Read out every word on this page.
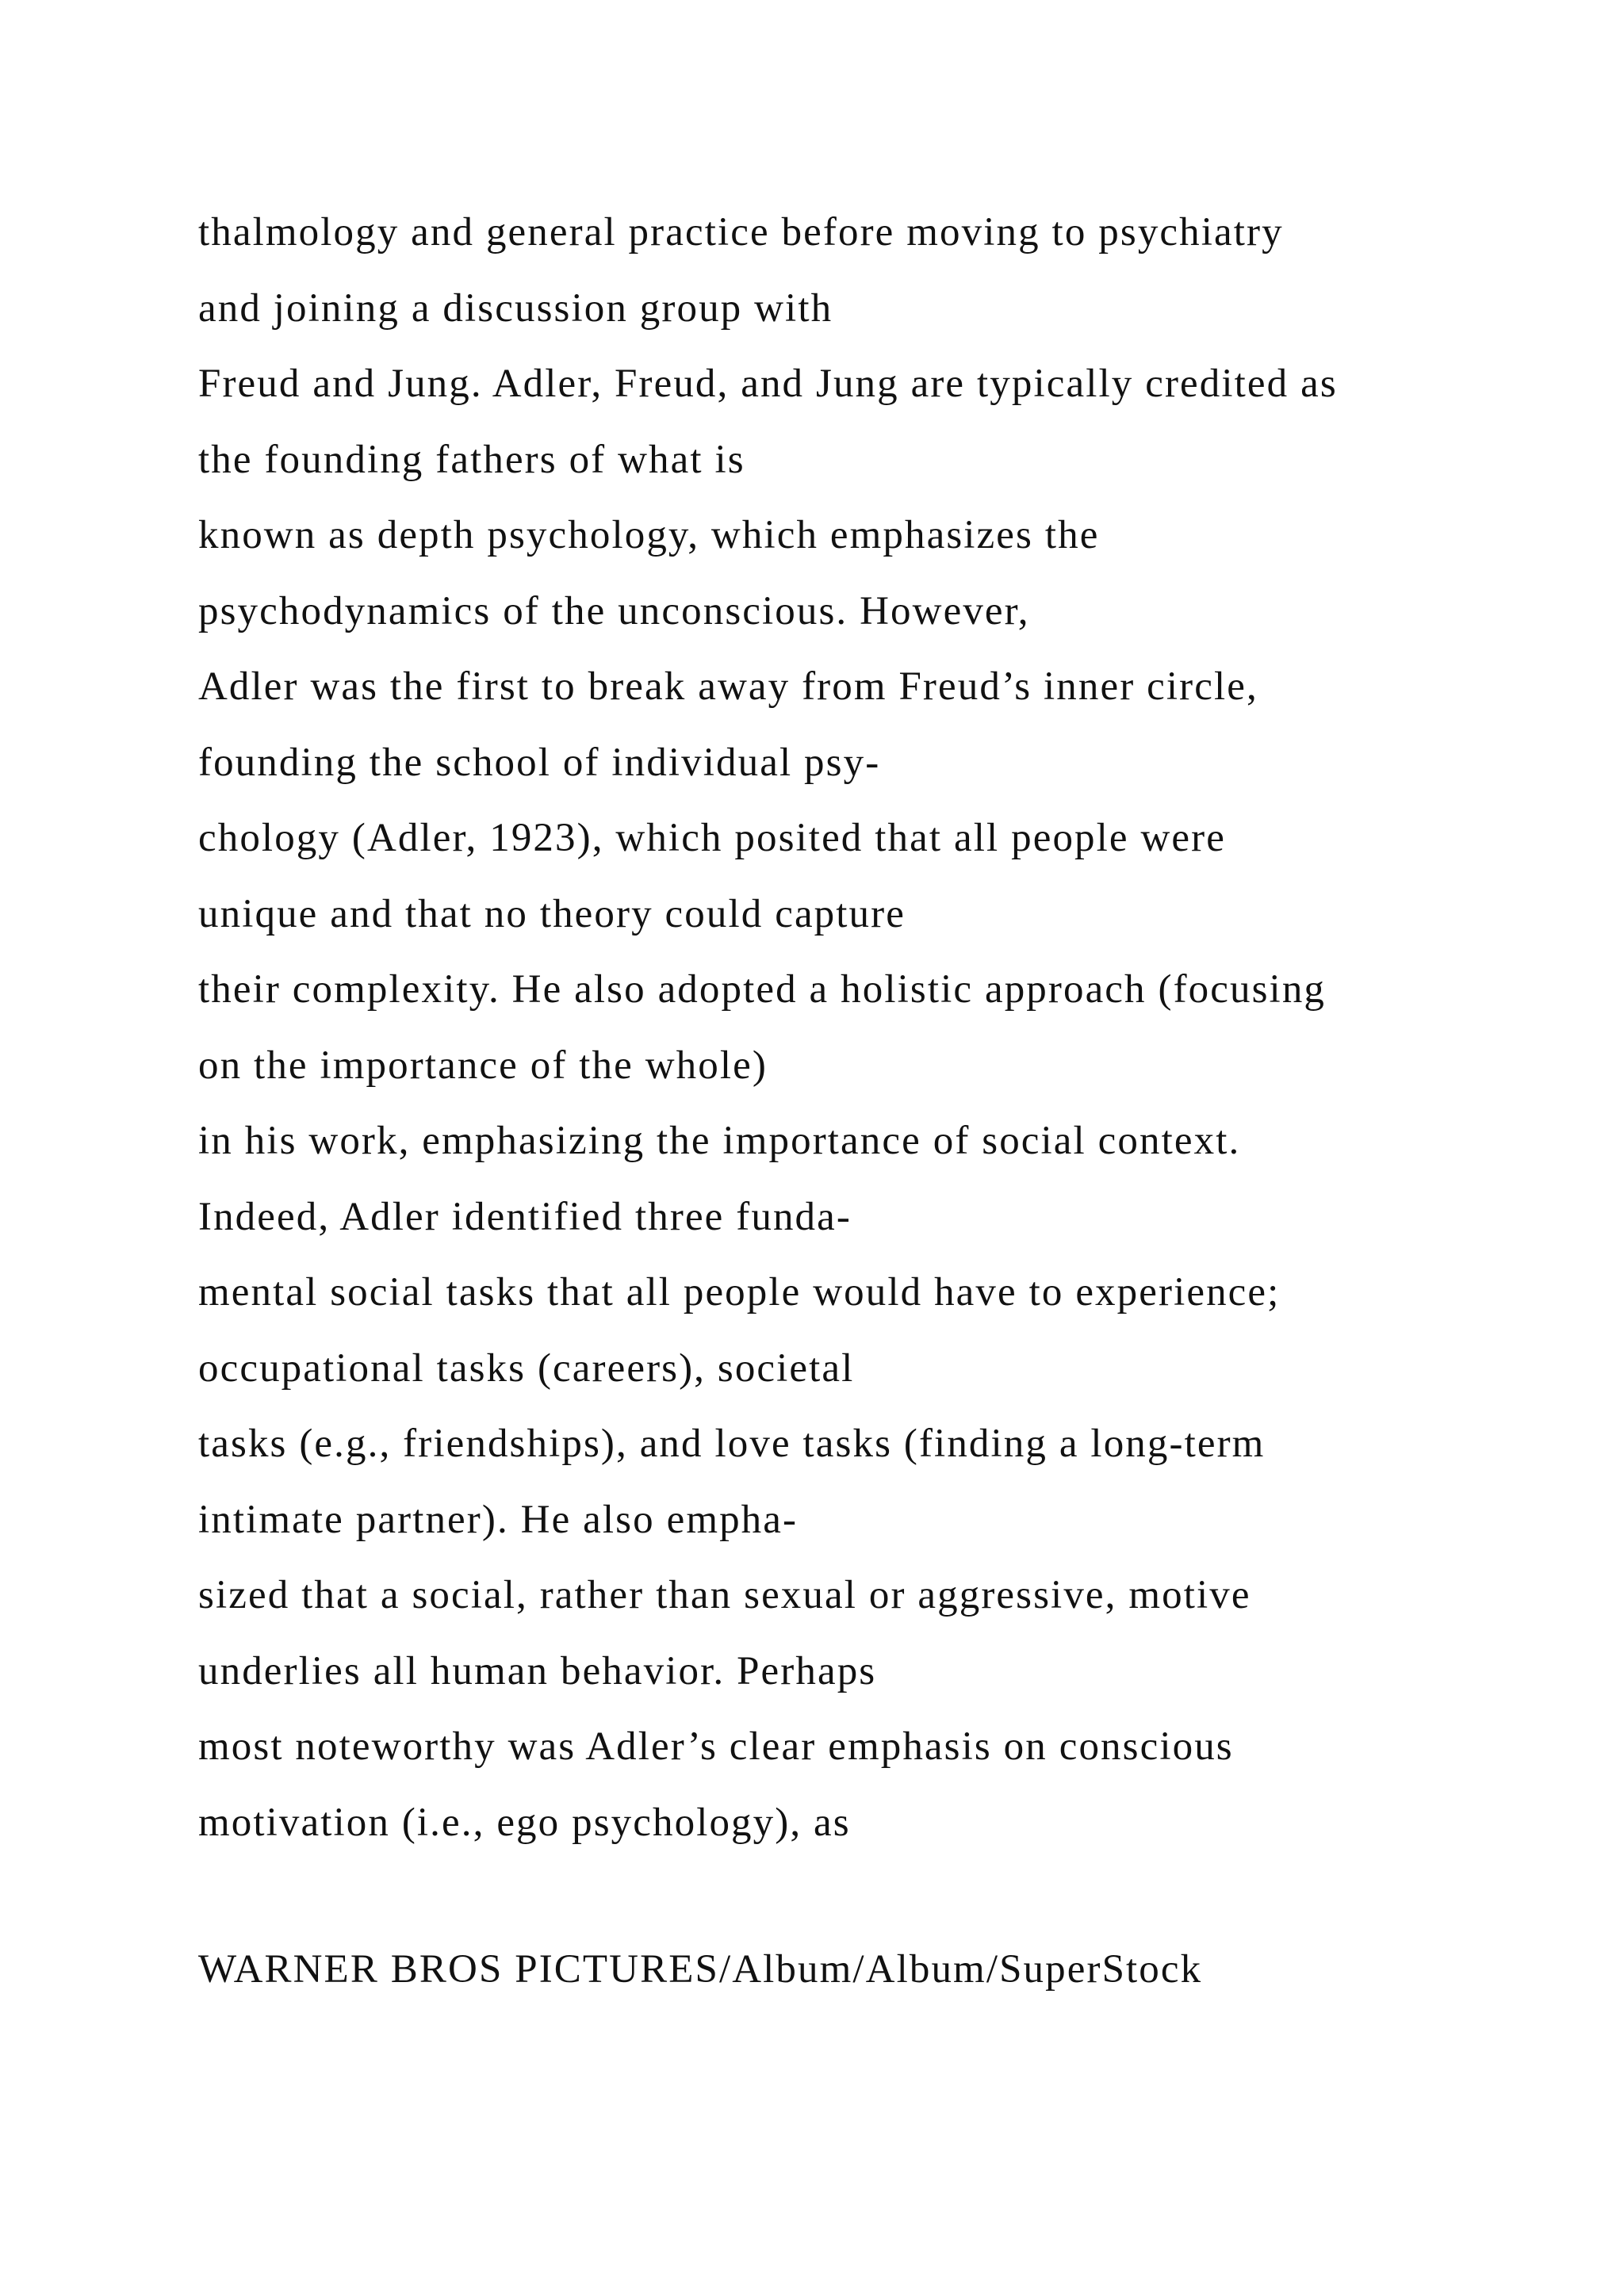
thalmology and general practice before moving to psychiatry
and joining a discussion group with
Freud and Jung. Adler, Freud, and Jung are typically credited as
the founding fathers of what is
known as depth psychology, which emphasizes the
psychodynamics of the unconscious. However,
Adler was the first to break away from Freud’s inner circle,
founding the school of individual psy-
chology (Adler, 1923), which posited that all people were
unique and that no theory could capture
their complexity. He also adopted a holistic approach (focusing
on the importance of the whole)
in his work, emphasizing the importance of social context.
Indeed, Adler identified three funda-
mental social tasks that all people would have to experience;
occupational tasks (careers), societal
tasks (e.g., friendships), and love tasks (finding a long-term
intimate partner). He also empha-
sized that a social, rather than sexual or aggressive, motive
underlies all human behavior. Perhaps
most noteworthy was Adler’s clear emphasis on conscious
motivation (i.e., ego psychology), as
WARNER BROS PICTURES/Album/Album/SuperStock
